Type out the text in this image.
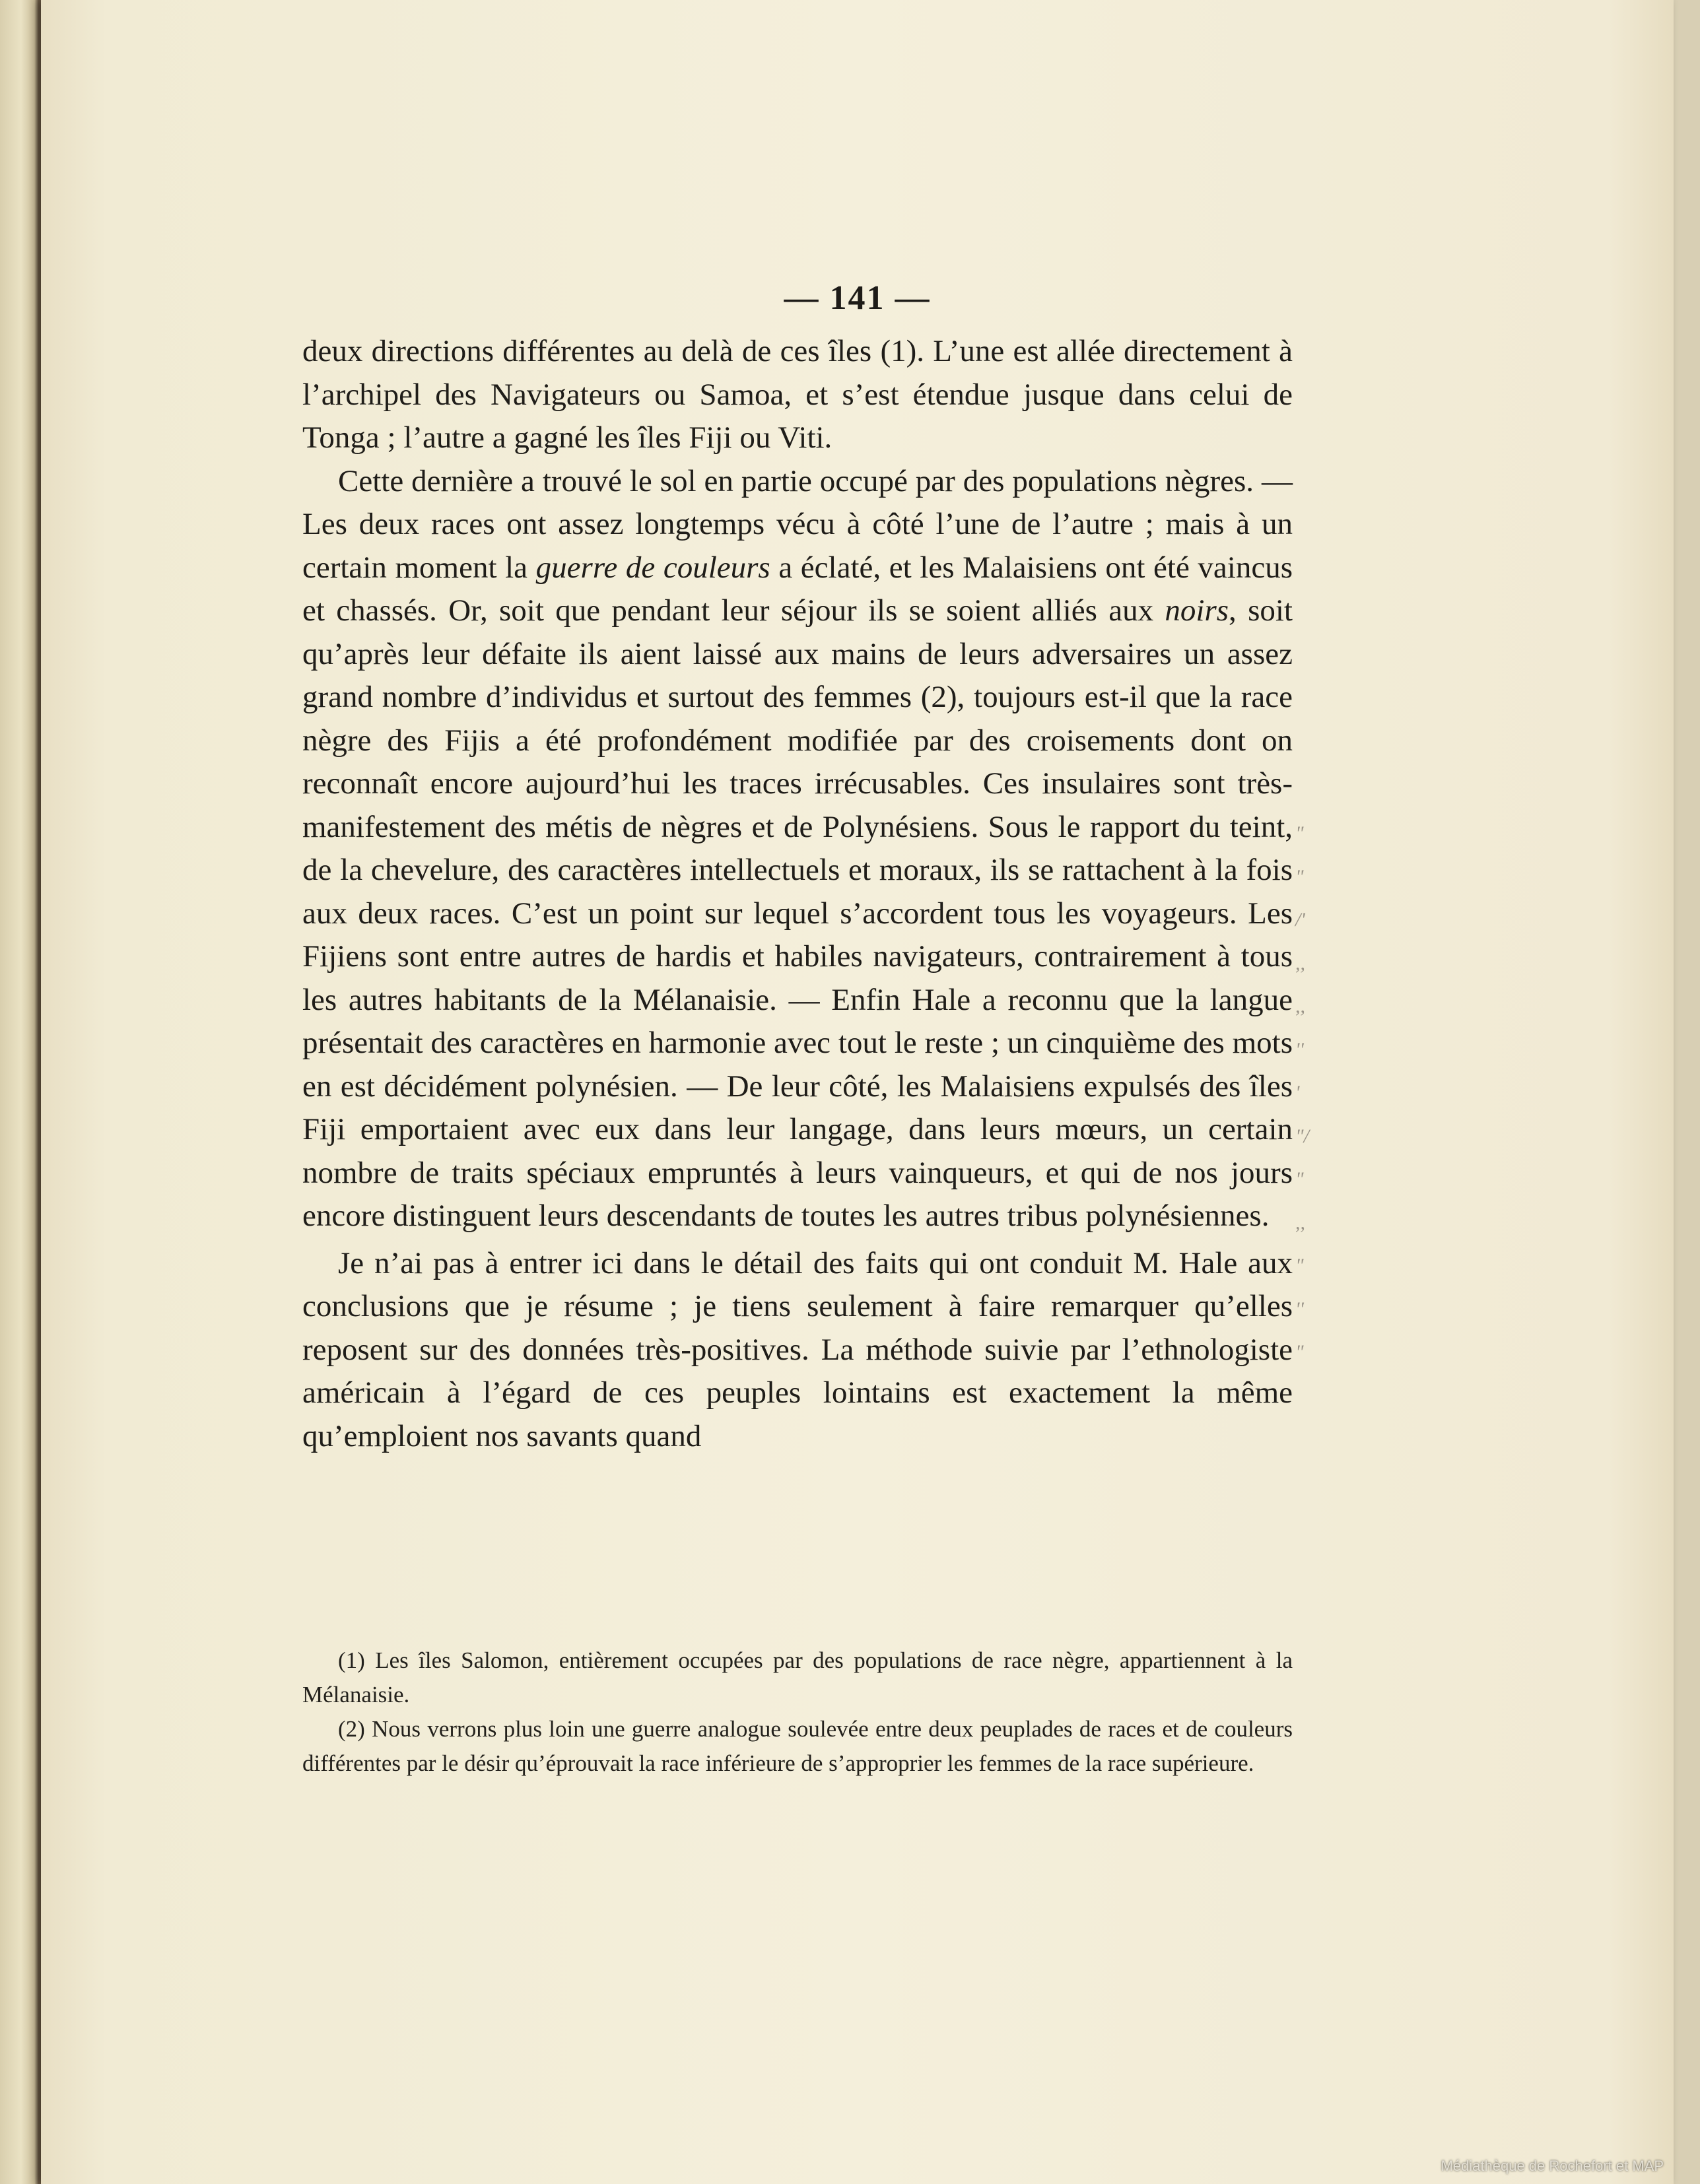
— 141 —

deux directions différentes au delà de ces îles (1). L’une est allée directement à l’archipel des Navigateurs ou Samoa, et s’est étendue jusque dans celui de Tonga ; l’autre a gagné les îles Fiji ou Viti.

Cette dernière a trouvé le sol en partie occupé par des populations nègres. — Les deux races ont assez longtemps vécu à côté l’une de l’autre ; mais à un certain moment la guerre de couleurs a éclaté, et les Malaisiens ont été vaincus et chassés. Or, soit que pendant leur séjour ils se soient alliés aux noirs, soit qu’après leur défaite ils aient laissé aux mains de leurs adversaires un assez grand nombre d’individus et surtout des femmes (2), toujours est-il que la race nègre des Fijis a été profondément modifiée par des croisements dont on reconnaît encore aujourd’hui les traces irrécusables. Ces insulaires sont très-manifestement des métis de nègres et de Polynésiens. Sous le rapport du teint, de la chevelure, des caractères intellectuels et moraux, ils se rattachent à la fois aux deux races. C’est un point sur lequel s’accordent tous les voyageurs. Les Fijiens sont entre autres de hardis et habiles navigateurs, contrairement à tous les autres habitants de la Mélanaisie. — Enfin Hale a reconnu que la langue présentait des caractères en harmonie avec tout le reste ; un cinquième des mots en est décidément polynésien. — De leur côté, les Malaisiens expulsés des îles Fiji emportaient avec eux dans leur langage, dans leurs mœurs, un certain nombre de traits spéciaux empruntés à leurs vainqueurs, et qui de nos jours encore distinguent leurs descendants de toutes les autres tribus polynésiennes.

Je n’ai pas à entrer ici dans le détail des faits qui ont conduit M. Hale aux conclusions que je résume ; je tiens seulement à faire remarquer qu’elles reposent sur des données très-positives. La méthode suivie par l’ethnologiste américain à l’égard de ces peuples lointains est exactement la même qu’emploient nos savants quand

"
"
/'
,,
,,
''
'
"/
"
,,
"
''
"

(1) Les îles Salomon, entièrement occupées par des populations de race nègre, appartiennent à la Mélanaisie.

(2) Nous verrons plus loin une guerre analogue soulevée entre deux peuplades de races et de couleurs différentes par le désir qu’éprouvait la race inférieure de s’approprier les femmes de la race supérieure.

Médiathèque de Rochefort et MAP
